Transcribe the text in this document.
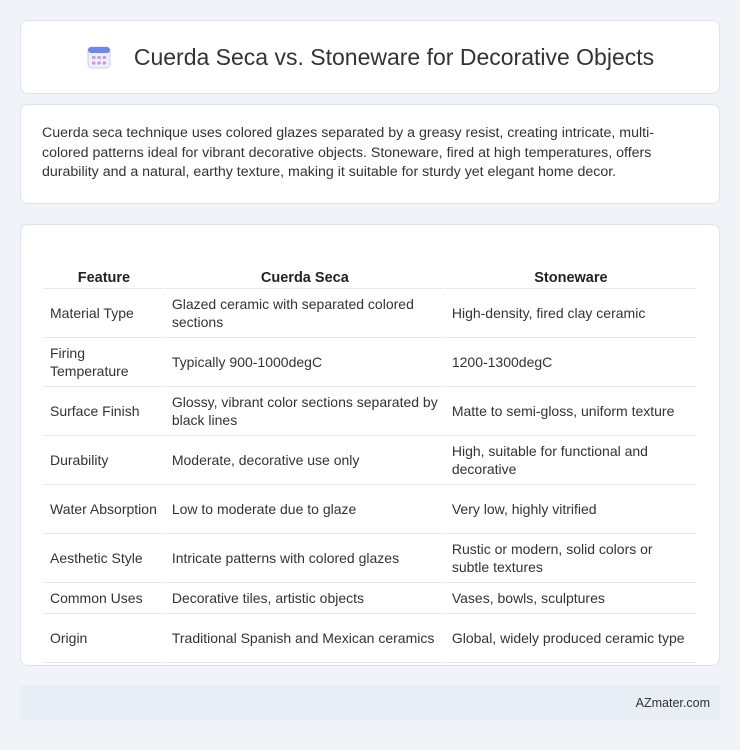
Cuerda Seca vs. Stoneware for Decorative Objects

Cuerda seca technique uses colored glazes separated by a greasy resist, creating intricate, multi-colored patterns ideal for vibrant decorative objects. Stoneware, fired at high temperatures, offers durability and a natural, earthy texture, making it suitable for sturdy yet elegant home decor.

Feature	Cuerda Seca	Stoneware
Material Type	Glazed ceramic with separated colored sections	High-density, fired clay ceramic
Firing Temperature	Typically 900-1000degC	1200-1300degC
Surface Finish	Glossy, vibrant color sections separated by black lines	Matte to semi-gloss, uniform texture
Durability	Moderate, decorative use only	High, suitable for functional and decorative
Water Absorption	Low to moderate due to glaze	Very low, highly vitrified
Aesthetic Style	Intricate patterns with colored glazes	Rustic or modern, solid colors or subtle textures
Common Uses	Decorative tiles, artistic objects	Vases, bowls, sculptures
Origin	Traditional Spanish and Mexican ceramics	Global, widely produced ceramic type
AZmater.com
